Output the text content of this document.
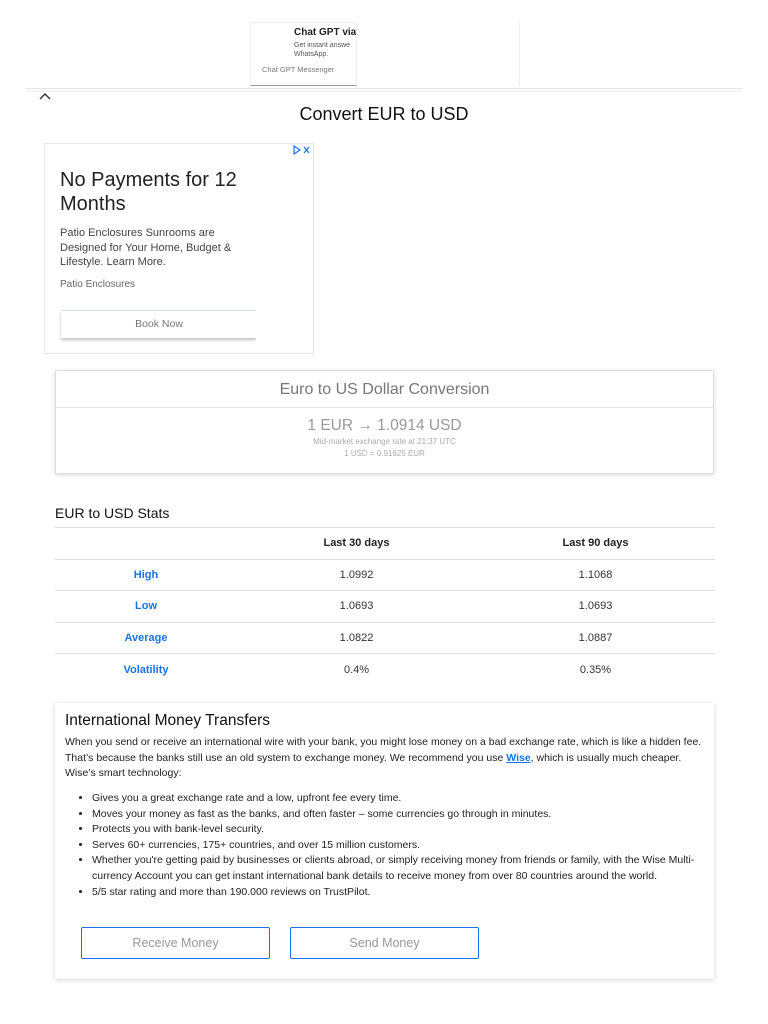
Chat GPT via
Get instant answe WhatsApp.
Chat GPT Messenger
Convert EUR to USD
No Payments for 12 Months
Patio Enclosures Sunrooms are Designed for Your Home, Budget & Lifestyle. Learn More.
Patio Enclosures
Book Now
Euro to US Dollar Conversion
1 EUR → 1.0914 USD
Mid-market exchange rate at 21:37 UTC
1 USD = 0.91625 EUR
EUR to USD Stats
	Last 30 days	Last 90 days
High	1.0992	1.1068
Low	1.0693	1.0693
Average	1.0822	1.0887
Volatility	0.4%	0.35%
International Money Transfers
When you send or receive an international wire with your bank, you might lose money on a bad exchange rate, which is like a hidden fee. That’s because the banks still use an old system to exchange money. We recommend you use Wise, which is usually much cheaper. Wise’s smart technology:
• Gives you a great exchange rate and a low, upfront fee every time.
• Moves your money as fast as the banks, and often faster – some currencies go through in minutes.
• Protects you with bank-level security.
• Serves 60+ currencies, 175+ countries, and over 15 million customers.
• Whether you're getting paid by businesses or clients abroad, or simply receiving money from friends or family, with the Wise Multi-currency Account you can get instant international bank details to receive money from over 80 countries around the world.
• 5/5 star rating and more than 190.000 reviews on TrustPilot.
Receive Money	Send Money
